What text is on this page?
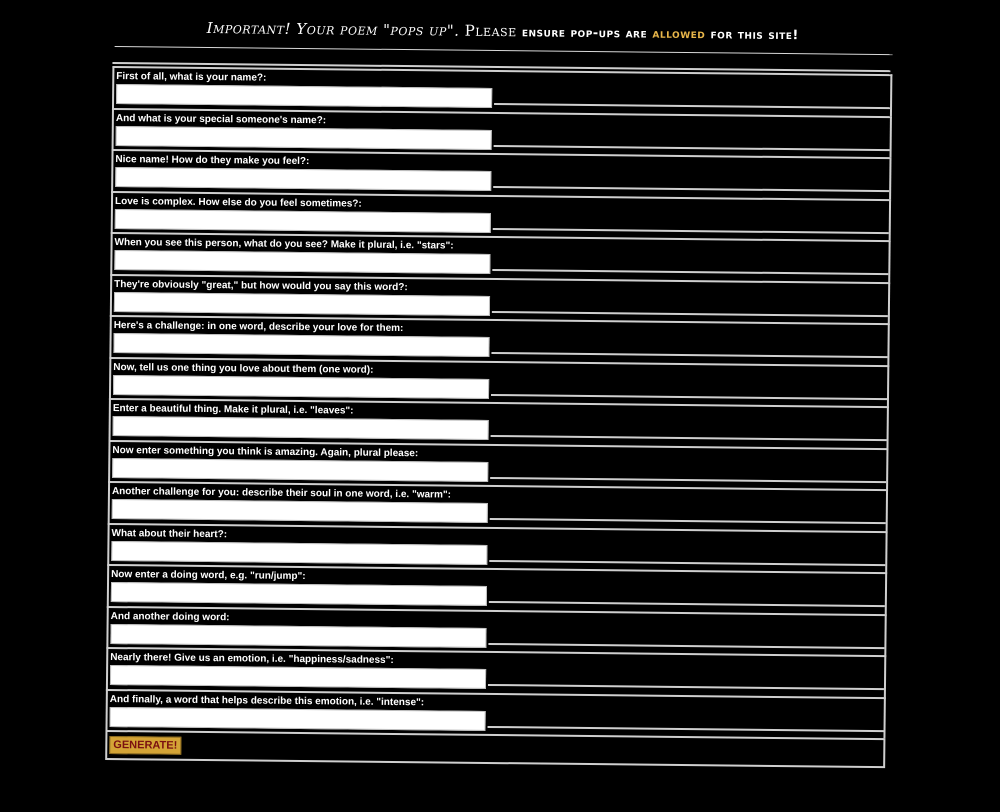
Important! Your poem "pops up". Please ensure pop-ups are allowed for this site!
First of all, what is your name?:
And what is your special someone's name?:
Nice name! How do they make you feel?:
Love is complex. How else do you feel sometimes?:
When you see this person, what do you see? Make it plural, i.e. "stars":
They're obviously "great," but how would you say this word?:
Here's a challenge: in one word, describe your love for them:
Now, tell us one thing you love about them (one word):
Enter a beautiful thing. Make it plural, i.e. "leaves":
Now enter something you think is amazing. Again, plural please:
Another challenge for you: describe their soul in one word, i.e. "warm":
What about their heart?:
Now enter a doing word, e.g. "run/jump":
And another doing word:
Nearly there! Give us an emotion, i.e. "happiness/sadness":
And finally, a word that helps describe this emotion, i.e. "intense":
GENERATE!
